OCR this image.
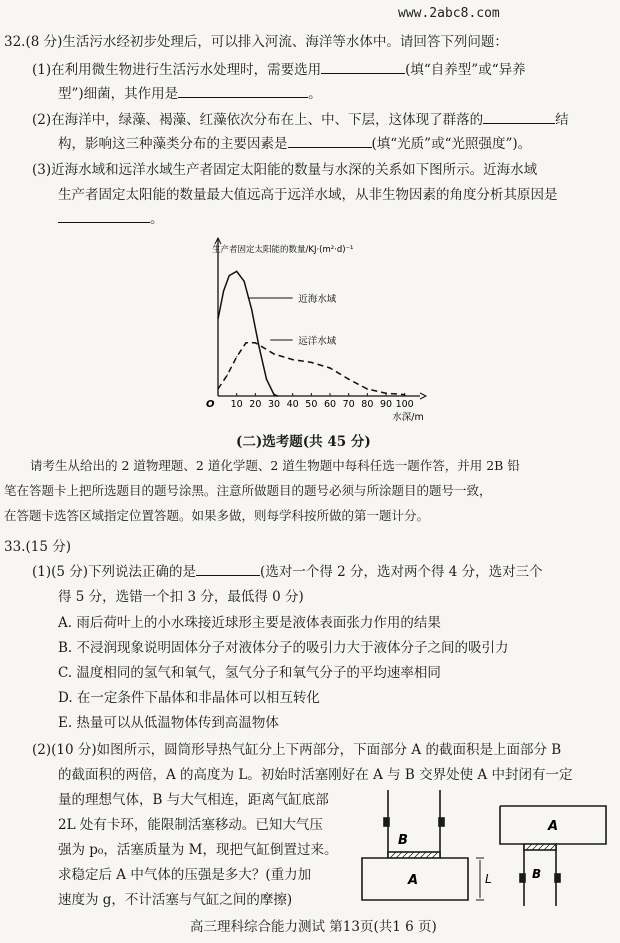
www.2abc8.com
32.(8 分)生活污水经初步处理后，可以排入河流、海洋等水体中。请回答下列问题：
(1)在利用微生物进行生活污水处理时，需要选用	(填“自养型”或“异养
型”)细菌，其作用是	。
(2)在海洋中，绿藻、褐藻、红藻依次分布在上、中、下层，这体现了群落的	结
构，影响这三种藻类分布的主要因素是	(填“光质”或“光照强度”)。
(3)近海水域和远洋水域生产者固定太阳能的数量与水深的关系如下图所示。近海水域
生产者固定太阳能的数量最大值远高于远洋水域，从非生物因素的角度分析其原因是
。
生产者固定太阳能的数量/KJ·(m²·d)⁻¹
O 10 20 30 40 50 60 70 80 90 100
水深/m
近海水域
远洋水域
(二)选考题(共 45 分)
请考生从给出的 2 道物理题、2 道化学题、2 道生物题中每科任选一题作答，并用 2B 铅
笔在答题卡上把所选题目的题号涂黑。注意所做题目的题号必须与所涂题目的题号一致，
在答题卡选答区域指定位置答题。如果多做，则每学科按所做的第一题计分。
33.(15 分)
(1)(5 分)下列说法正确的是	(选对一个得 2 分，选对两个得 4 分，选对三个
得 5 分，选错一个扣 3 分，最低得 0 分)
A. 雨后荷叶上的小水珠接近球形主要是液体表面张力作用的结果
B. 不浸润现象说明固体分子对液体分子的吸引力大于液体分子之间的吸引力
C. 温度相同的氢气和氧气，氢气分子和氧气分子的平均速率相同
D. 在一定条件下晶体和非晶体可以相互转化
E. 热量可以从低温物体传到高温物体
(2)(10 分)如图所示，圆筒形导热气缸分上下两部分，下面部分 A 的截面积是上面部分 B
的截面积的两倍，A 的高度为 L。初始时活塞刚好在 A 与 B 交界处使 A 中封闭有一定
量的理想气体，B 与大气相连，距离气缸底部
2L 处有卡环，能限制活塞移动。已知大气压
强为 p₀，活塞质量为 M，现把气缸倒置过来。
求稳定后 A 中气体的压强是多大？(重力加
速度为 g，不计活塞与气缸之间的摩擦)
B
A	L
A
B
高三理科综合能力测试 第13页(共1 6 页)
